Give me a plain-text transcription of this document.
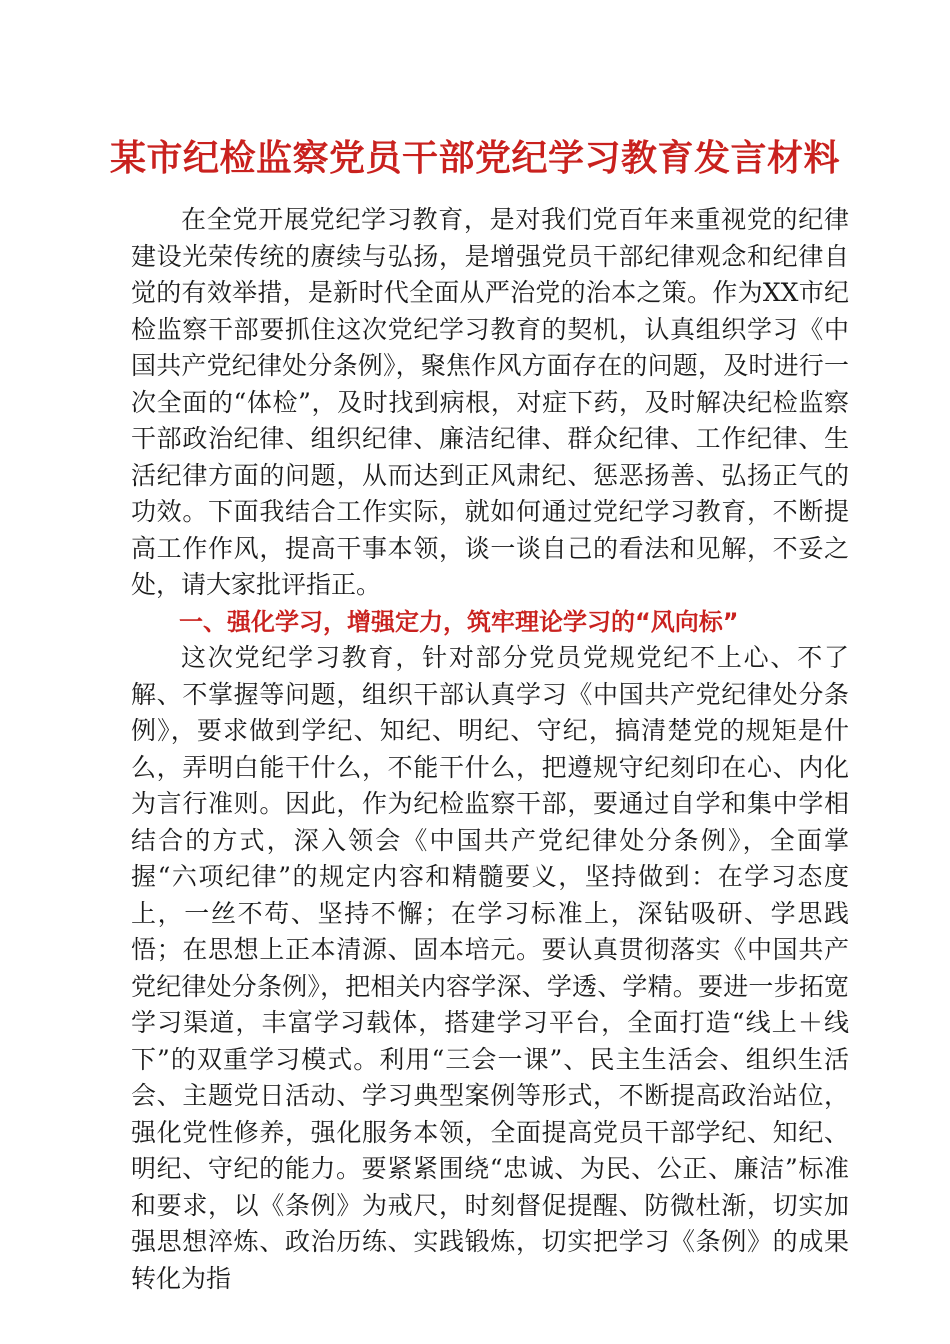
某市纪检监察党员干部党纪学习教育发言材料

在全党开展党纪学习教育，是对我们党百年来重视党的纪律建设光荣传统的赓续与弘扬，是增强党员干部纪律观念和纪律自觉的有效举措，是新时代全面从严治党的治本之策。作为XX市纪检监察干部要抓住这次党纪学习教育的契机，认真组织学习《中国共产党纪律处分条例》，聚焦作风方面存在的问题，及时进行一次全面的“体检”，及时找到病根，对症下药，及时解决纪检监察干部政治纪律、组织纪律、廉洁纪律、群众纪律、工作纪律、生活纪律方面的问题，从而达到正风肃纪、惩恶扬善、弘扬正气的功效。下面我结合工作实际，就如何通过党纪学习教育，不断提高工作作风，提高干事本领，谈一谈自己的看法和见解，不妥之处，请大家批评指正。

一、强化学习，增强定力，筑牢理论学习的“风向标”

这次党纪学习教育，针对部分党员党规党纪不上心、不了解、不掌握等问题，组织干部认真学习《中国共产党纪律处分条例》，要求做到学纪、知纪、明纪、守纪，搞清楚党的规矩是什么，弄明白能干什么，不能干什么，把遵规守纪刻印在心、内化为言行准则。因此，作为纪检监察干部，要通过自学和集中学相结合的方式，深入领会《中国共产党纪律处分条例》，全面掌握“六项纪律”的规定内容和精髓要义，坚持做到：在学习态度上，一丝不苟、坚持不懈；在学习标准上，深钻吸研、学思践悟；在思想上正本清源、固本培元。要认真贯彻落实《中国共产党纪律处分条例》，把相关内容学深、学透、学精。要进一步拓宽学习渠道，丰富学习载体，搭建学习平台，全面打造“线上＋线下”的双重学习模式。利用“三会一课”、民主生活会、组织生活会、主题党日活动、学习典型案例等形式，不断提高政治站位，强化党性修养，强化服务本领，全面提高党员干部学纪、知纪、明纪、守纪的能力。要紧紧围绕“忠诚、为民、公正、廉洁”标准和要求，以《条例》为戒尺，时刻督促提醒、防微杜渐，切实加强思想淬炼、政治历练、实践锻炼，切实把学习《条例》的成果转化为指
